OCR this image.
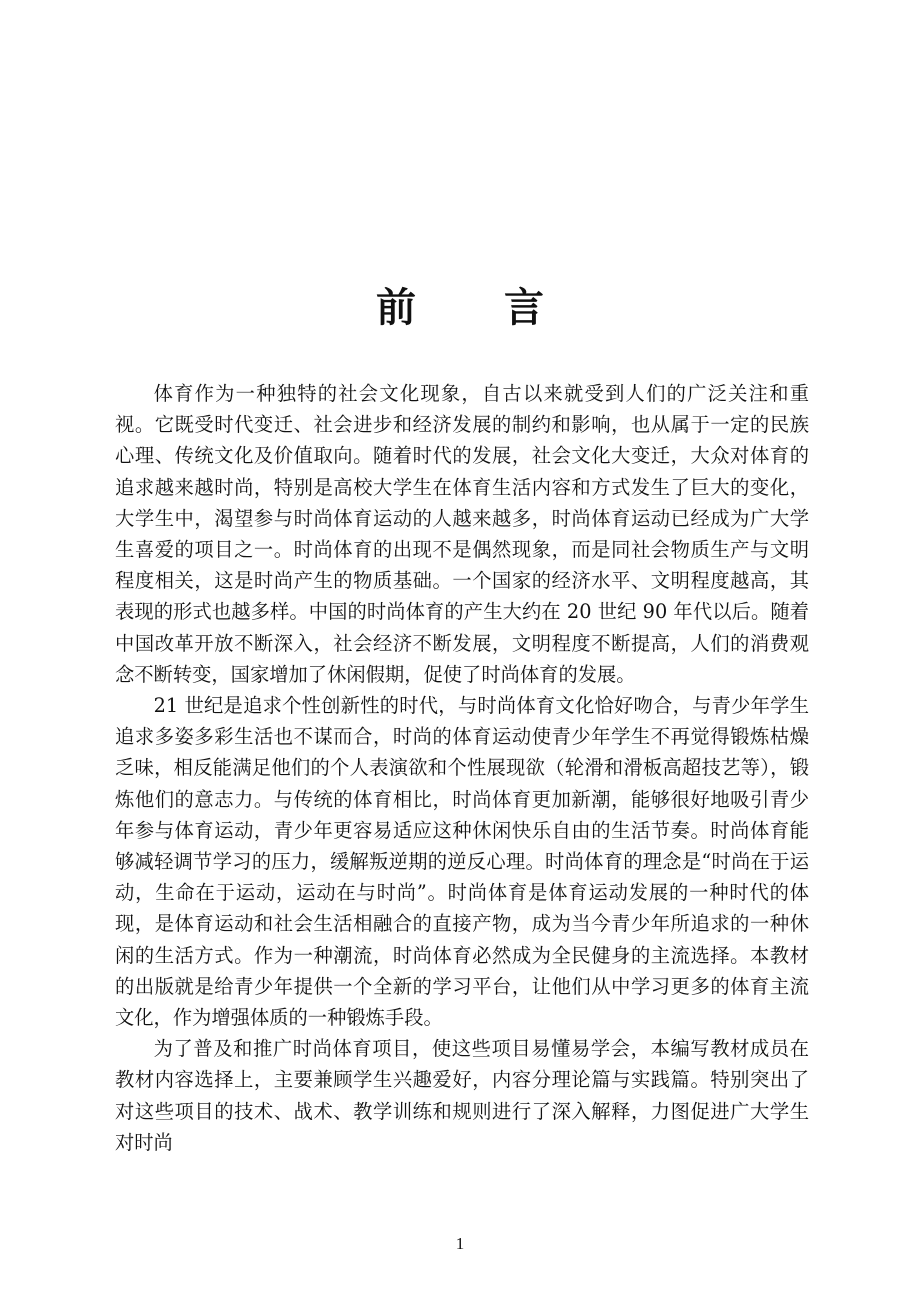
前 言

体育作为一种独特的社会文化现象，自古以来就受到人们的广泛关注和重视。它既受时代变迁、社会进步和经济发展的制约和影响，也从属于一定的民族心理、传统文化及价值取向。随着时代的发展，社会文化大变迁，大众对体育的追求越来越时尚，特别是高校大学生在体育生活内容和方式发生了巨大的变化，大学生中，渴望参与时尚体育运动的人越来越多，时尚体育运动已经成为广大学生喜爱的项目之一。时尚体育的出现不是偶然现象，而是同社会物质生产与文明程度相关，这是时尚产生的物质基础。一个国家的经济水平、文明程度越高，其表现的形式也越多样。中国的时尚体育的产生大约在 20 世纪 90 年代以后。随着中国改革开放不断深入，社会经济不断发展，文明程度不断提高，人们的消费观念不断转变，国家增加了休闲假期，促使了时尚体育的发展。

21 世纪是追求个性创新性的时代，与时尚体育文化恰好吻合，与青少年学生追求多姿多彩生活也不谋而合，时尚的体育运动使青少年学生不再觉得锻炼枯燥乏味，相反能满足他们的个人表演欲和个性展现欲（轮滑和滑板高超技艺等），锻炼他们的意志力。与传统的体育相比，时尚体育更加新潮，能够很好地吸引青少年参与体育运动，青少年更容易适应这种休闲快乐自由的生活节奏。时尚体育能够减轻调节学习的压力，缓解叛逆期的逆反心理。时尚体育的理念是“时尚在于运动，生命在于运动，运动在与时尚”。时尚体育是体育运动发展的一种时代的体现，是体育运动和社会生活相融合的直接产物，成为当今青少年所追求的一种休闲的生活方式。作为一种潮流，时尚体育必然成为全民健身的主流选择。本教材的出版就是给青少年提供一个全新的学习平台，让他们从中学习更多的体育主流文化，作为增强体质的一种锻炼手段。

为了普及和推广时尚体育项目，使这些项目易懂易学会，本编写教材成员在教材内容选择上，主要兼顾学生兴趣爱好，内容分理论篇与实践篇。特别突出了对这些项目的技术、战术、教学训练和规则进行了深入解释，力图促进广大学生对时尚

1
